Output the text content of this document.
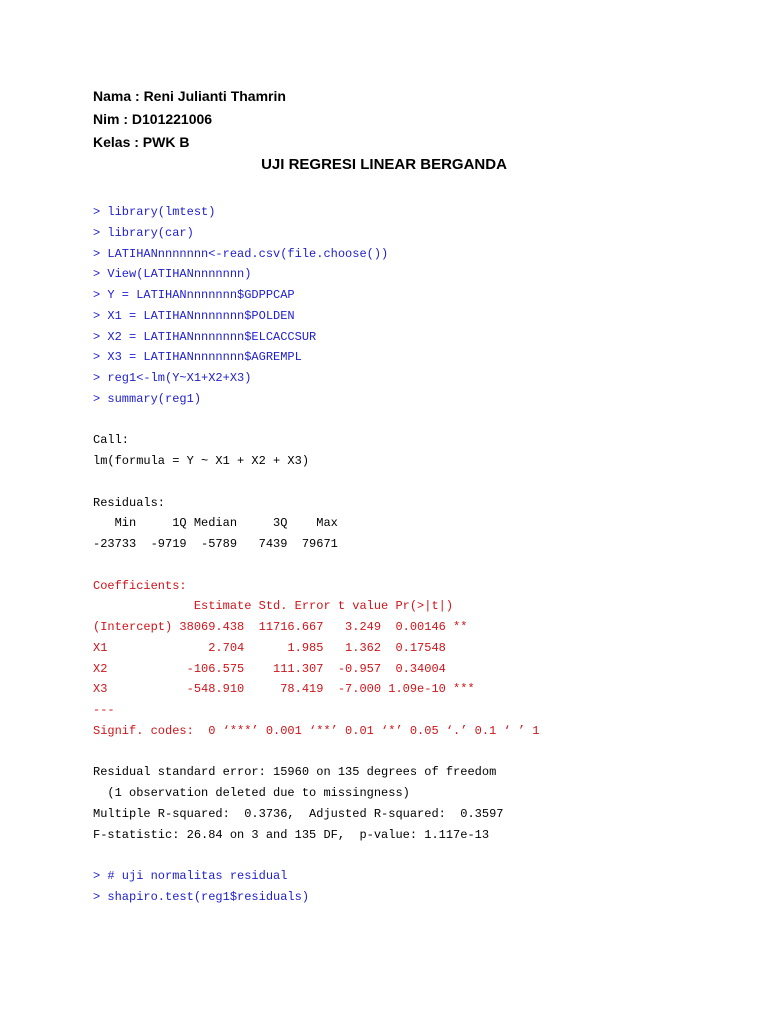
Nama : Reni Julianti Thamrin
Nim : D101221006
Kelas : PWK B
UJI REGRESI LINEAR BERGANDA
> library(lmtest)
> library(car)
> LATIHANnnnnnnn<-read.csv(file.choose())
> View(LATIHANnnnnnnn)
> Y = LATIHANnnnnnnn$GDPPCAP
> X1 = LATIHANnnnnnnn$POLDEN
> X2 = LATIHANnnnnnnn$ELCACCSUR
> X3 = LATIHANnnnnnnn$AGREMPL
> reg1<-lm(Y~X1+X2+X3)
> summary(reg1)
Call:
lm(formula = Y ~ X1 + X2 + X3)
Residuals:
Min     1Q Median     3Q    Max
-23733  -9719  -5789   7439  79671
Coefficients:
Estimate Std. Error t value Pr(>|t|)
(Intercept) 38069.438  11716.667   3.249  0.00146 **
X1              2.704      1.985   1.362  0.17548
X2           -106.575    111.307  -0.957  0.34004
X3           -548.910     78.419  -7.000 1.09e-10 ***
---
Signif. codes:  0 ‘***’ 0.001 ‘**’ 0.01 ‘*’ 0.05 ‘.’ 0.1 ‘ ’ 1
Residual standard error: 15960 on 135 degrees of freedom
(1 observation deleted due to missingness)
Multiple R-squared:  0.3736,  Adjusted R-squared:  0.3597
F-statistic: 26.84 on 3 and 135 DF,  p-value: 1.117e-13
> # uji normalitas residual
> shapiro.test(reg1$residuals)
